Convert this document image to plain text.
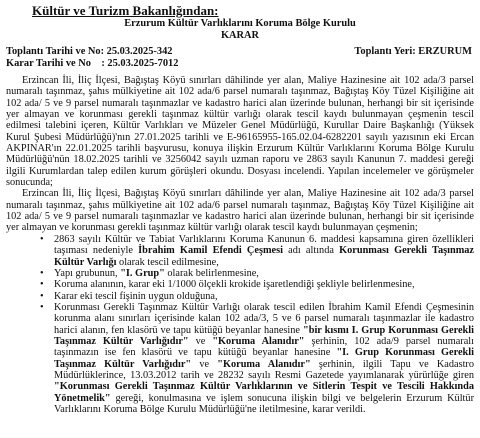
Kültür ve Turizm Bakanlığından:
Erzurum Kültür Varlıklarını Koruma Bölge Kurulu
KARAR
Toplantı Tarihi ve No: 25.03.2025-342	Toplantı Yeri: ERZURUM
Karar Tarihi ve No    : 25.03.2025-7012

Erzincan İli, İliç İlçesi, Bağıştaş Köyü sınırları dâhilinde yer alan, Maliye Hazinesine ait 102 ada/3 parsel numaralı taşınmaz, şahıs mülkiyetine ait 102 ada/6 parsel numaralı taşınmaz, Bağıştaş Köy Tüzel Kişiliğine ait 102 ada/ 5 ve 9 parsel numaralı taşınmazlar ve kadastro harici alan üzerinde bulunan, herhangi bir sit içerisinde yer almayan ve korunması gerekli taşınmaz kültür varlığı olarak tescil kaydı bulunmayan çeşmenin tescil edilmesi talebini içeren, Kültür Varlıkları ve Müzeler Genel Müdürlüğü, Kurullar Daire Başkanlığı (Yüksek Kurul Şubesi Müdürlüğü)'nın 27.01.2025 tarihli ve E-96165955-165.02.04-6282201 sayılı yazısının eki Ercan AKPINAR'ın 22.01.2025 tarihli başvurusu, konuya ilişkin Erzurum Kültür Varlıklarını Koruma Bölge Kurulu Müdürlüğü'nün 18.02.2025 tarihli ve 3256042 sayılı uzman raporu ve 2863 sayılı Kanunun 7. maddesi gereği ilgili Kurumlardan talep edilen kurum görüşleri okundu. Dosyası incelendi. Yapılan incelemeler ve görüşmeler sonucunda;

Erzincan İli, İliç İlçesi, Bağıştaş Köyü sınırları dâhilinde yer alan, Maliye Hazinesine ait 102 ada/3 parsel numaralı taşınmaz, şahıs mülkiyetine ait 102 ada/6 parsel numaralı taşınmaz, Bağıştaş Köy Tüzel Kişiliğine ait 102 ada/ 5 ve 9 parsel numaralı taşınmazlar ve kadastro harici alan üzerinde bulunan, herhangi bir sit içerisinde yer almayan ve korunması gerekli taşınmaz kültür varlığı olarak tescil kaydı bulunmayan çeşmenin;

• 2863 sayılı Kültür ve Tabiat Varlıklarını Koruma Kanunun 6. maddesi kapsamına giren özellikleri taşıması nedeniyle İbrahim Kamil Efendi Çeşmesi adı altında Korunması Gerekli Taşınmaz Kültür Varlığı olarak tescil edilmesine,
• Yapı grubunun, "I. Grup" olarak belirlenmesine,
• Koruma alanının, karar eki 1/1000 ölçekli krokide işaretlendiği şekliyle belirlenmesine,
• Karar eki tescil fişinin uygun olduğuna,
• Korunması Gerekli Taşınmaz Kültür Varlığı olarak tescil edilen İbrahim Kamil Efendi Çeşmesinin korunma alanı sınırları içerisinde kalan 102 ada/3, 5 ve 6 parsel numaralı taşınmazlar ile kadastro harici alanın, fen klasörü ve tapu kütüğü beyanlar hanesine "bir kısmı I. Grup Korunması Gerekli Taşınmaz Kültür Varlığıdır" ve "Koruma Alanıdır" şerhinin, 102 ada/9 parsel numaralı taşınmazın ise fen klasörü ve tapu kütüğü beyanlar hanesine "I. Grup Korunması Gerekli Taşınmaz Kültür Varlığıdır" ve "Koruma Alanıdır" şerhinin, ilgili Tapu ve Kadastro Müdürlüklerince, 13.03.2012 tarih ve 28232 sayılı Resmi Gazetede yayımlanarak yürürlüğe giren "Korunması Gerekli Taşınmaz Kültür Varlıklarının ve Sitlerin Tespit ve Tescili Hakkında Yönetmelik" gereği, konulmasına ve işlem sonucuna ilişkin bilgi ve belgelerin Erzurum Kültür Varlıklarını Koruma Bölge Kurulu Müdürlüğü'ne iletilmesine, karar verildi.
